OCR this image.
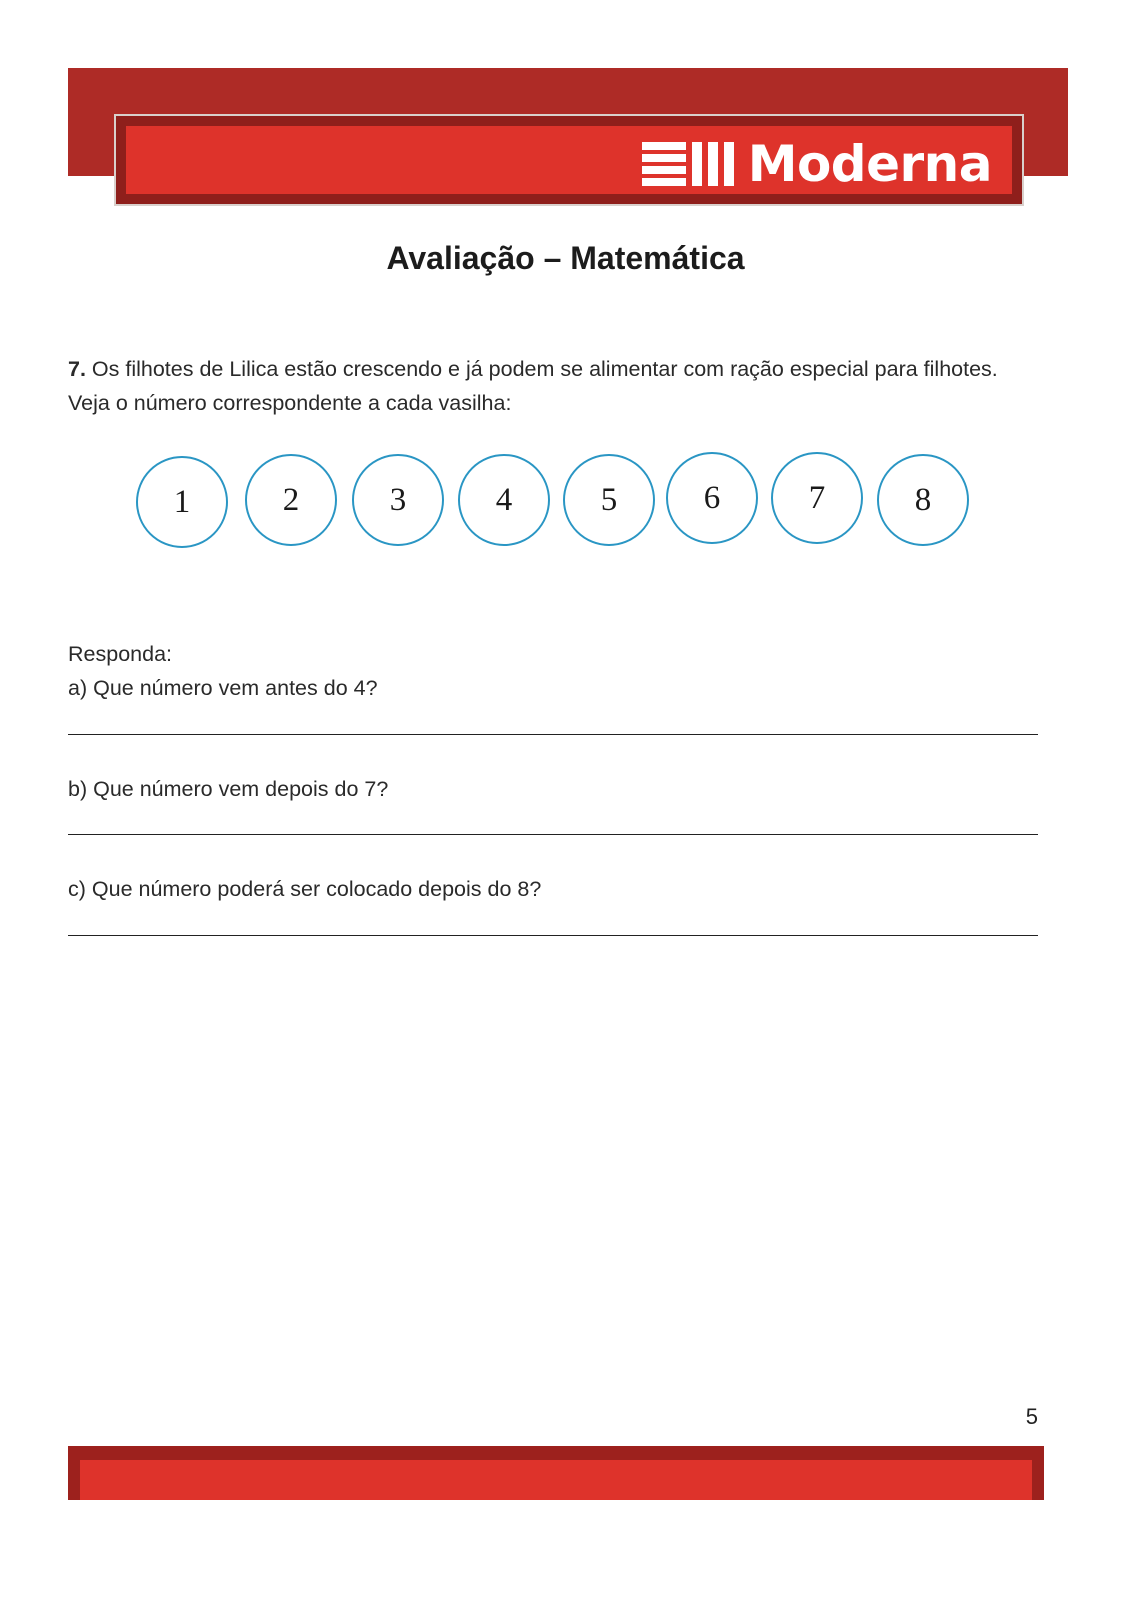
Moderna
Avaliação – Matemática
7. Os filhotes de Lilica estão crescendo e já podem se alimentar com ração especial para filhotes.
Veja o número correspondente a cada vasilha:
1	2	3	4	5	6	7	8
Responda:
a) Que número vem antes do 4?
b) Que número vem depois do 7?
c) Que número poderá ser colocado depois do 8?
5
